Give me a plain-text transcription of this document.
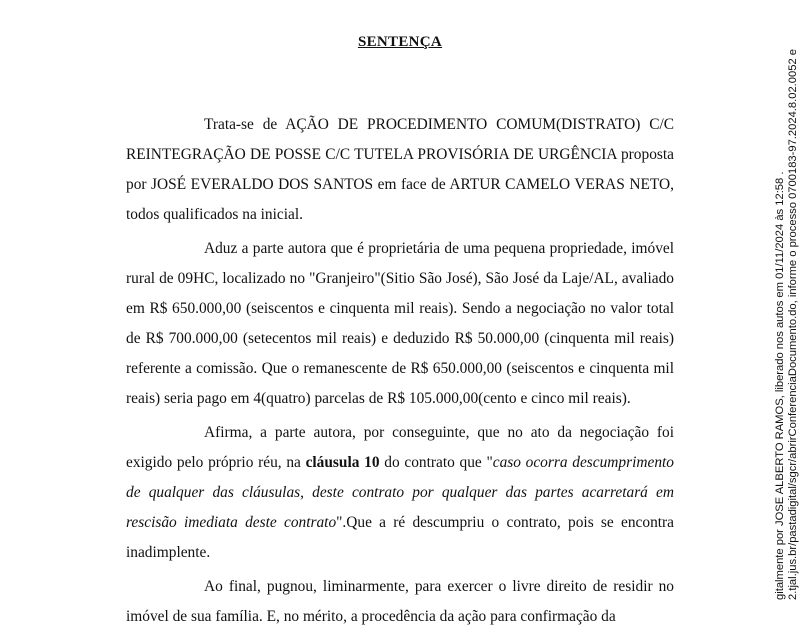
SENTENÇA

Trata-se de AÇÃO DE PROCEDIMENTO COMUM(DISTRATO) C/C REINTEGRAÇÃO DE POSSE C/C TUTELA PROVISÓRIA DE URGÊNCIA proposta por JOSÉ EVERALDO DOS SANTOS em face de ARTUR CAMELO VERAS NETO, todos qualificados na inicial.

Aduz a parte autora que é proprietária de uma pequena propriedade, imóvel rural de 09HC, localizado no "Granjeiro"(Sitio São José), São José da Laje/AL, avaliado em R$ 650.000,00 (seiscentos e cinquenta mil reais). Sendo a negociação no valor total de R$ 700.000,00 (setecentos mil reais) e deduzido R$ 50.000,00 (cinquenta mil reais) referente a comissão. Que o remanescente de R$ 650.000,00 (seiscentos e cinquenta mil reais) seria pago em 4(quatro) parcelas de R$ 105.000,00(cento e cinco mil reais).

Afirma, a parte autora, por conseguinte, que no ato da negociação foi exigido pelo próprio réu, na cláusula 10 do contrato que "caso ocorra descumprimento de qualquer das cláusulas, deste contrato por qualquer das partes acarretará em rescisão imediata deste contrato".Que a ré descumpriu o contrato, pois se encontra inadimplente.

Ao final, pugnou, liminarmente, para exercer o livre direito de residir no imóvel de sua família. E, no mérito, a procedência da ação para confirmação da

gitalmente por JOSE ALBERTO RAMOS, liberado nos autos em 01/11/2024 às 12:58 . 2.tjal.jus.br/pastadigital/sgcr/abrirConferenciaDocumento.do, informe o processo 0700183-97.2024.8.02.0052 e
